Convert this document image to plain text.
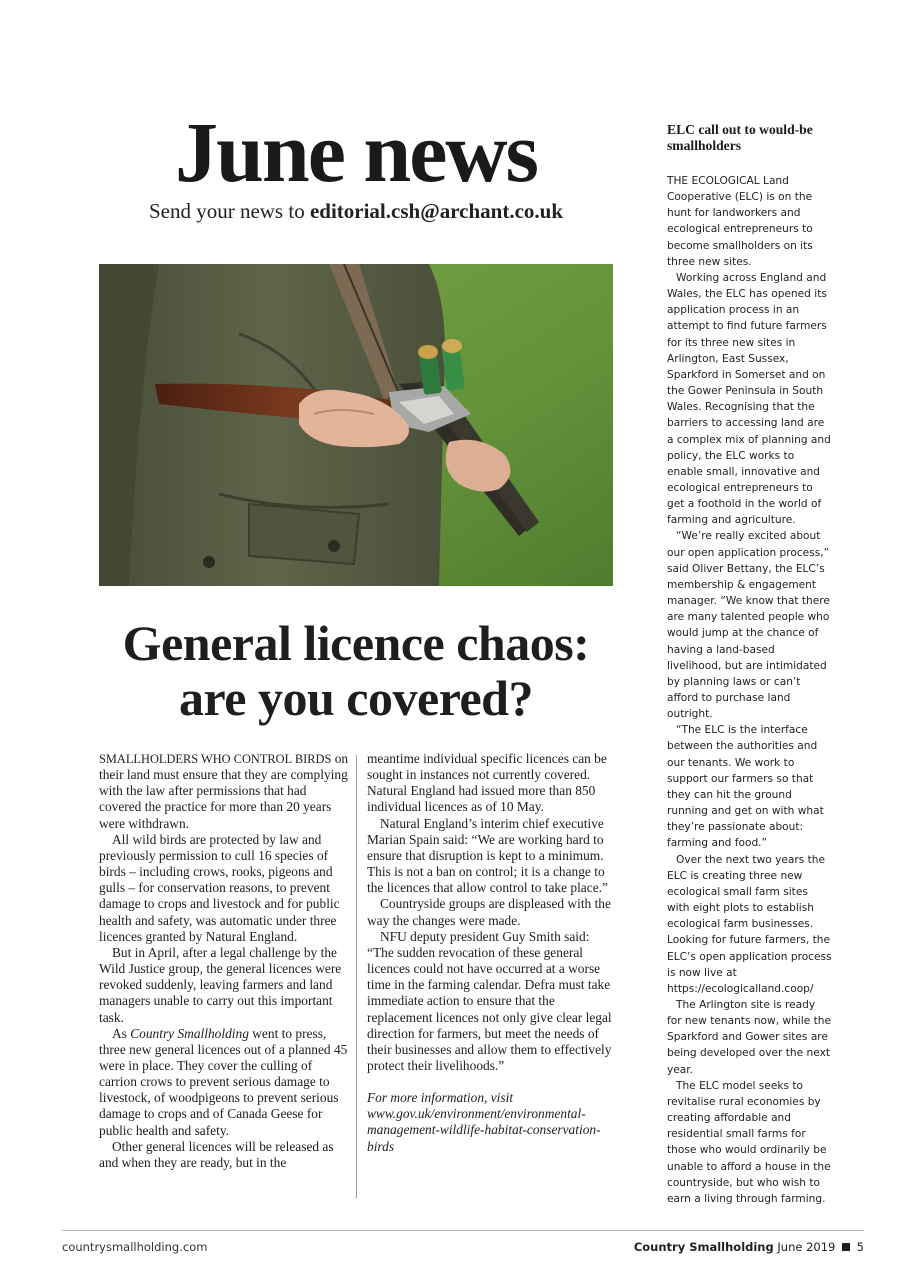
June news
Send your news to editorial.csh@archant.co.uk
General licence chaos:
are you covered?

SMALLHOLDERS WHO CONTROL BIRDS on their land must ensure that they are complying with the law after permissions that had covered the practice for more than 20 years were withdrawn.

All wild birds are protected by law and previously permission to cull 16 species of birds – including crows, rooks, pigeons and gulls – for conservation reasons, to prevent damage to crops and livestock and for public health and safety, was automatic under three licences granted by Natural England.

But in April, after a legal challenge by the Wild Justice group, the general licences were revoked suddenly, leaving farmers and land managers unable to carry out this important task.

As Country Smallholding went to press, three new general licences out of a planned 45 were in place. They cover the culling of carrion crows to prevent serious damage to livestock, of woodpigeons to prevent serious damage to crops and of Canada Geese for public health and safety.

Other general licences will be released as and when they are ready, but in the

meantime individual specific licences can be sought in instances not currently covered. Natural England had issued more than 850 individual licences as of 10 May.

Natural England’s interim chief executive Marian Spain said: “We are working hard to ensure that disruption is kept to a minimum. This is not a ban on control; it is a change to the licences that allow control to take place.”

Countryside groups are displeased with the way the changes were made.

NFU deputy president Guy Smith said: “The sudden revocation of these general licences could not have occurred at a worse time in the farming calendar. Defra must take immediate action to ensure that the replacement licences not only give clear legal direction for farmers, but meet the needs of their businesses and allow them to effectively protect their livelihoods.”

For more information, visit www.gov.uk/environment/environmental-management-wildlife-habitat-conservation-birds

ELC call out to would-be smallholders

THE ECOLOGICAL Land Cooperative (ELC) is on the hunt for landworkers and ecological entrepreneurs to become smallholders on its three new sites.

Working across England and Wales, the ELC has opened its application process in an attempt to find future farmers for its three new sites in Arlington, East Sussex, Sparkford in Somerset and on the Gower Peninsula in South Wales. Recognising that the barriers to accessing land are a complex mix of planning and policy, the ELC works to enable small, innovative and ecological entrepreneurs to get a foothold in the world of farming and agriculture.

“We’re really excited about our open application process,” said Oliver Bettany, the ELC’s membership & engagement manager. “We know that there are many talented people who would jump at the chance of having a land-based livelihood, but are intimidated by planning laws or can’t afford to purchase land outright.

“The ELC is the interface between the authorities and our tenants. We work to support our farmers so that they can hit the ground running and get on with what they’re passionate about: farming and food.”

Over the next two years the ELC is creating three new ecological small farm sites with eight plots to establish ecological farm businesses. Looking for future farmers, the ELC’s open application process is now live at https://ecologicalland.coop/

The Arlington site is ready for new tenants now, while the Sparkford and Gower sites are being developed over the next year.

The ELC model seeks to revitalise rural economies by creating affordable and residential small farms for those who would ordinarily be unable to afford a house in the countryside, but who wish to earn a living through farming.

countrysmallholding.com	Country Smallholding June 2019 5
